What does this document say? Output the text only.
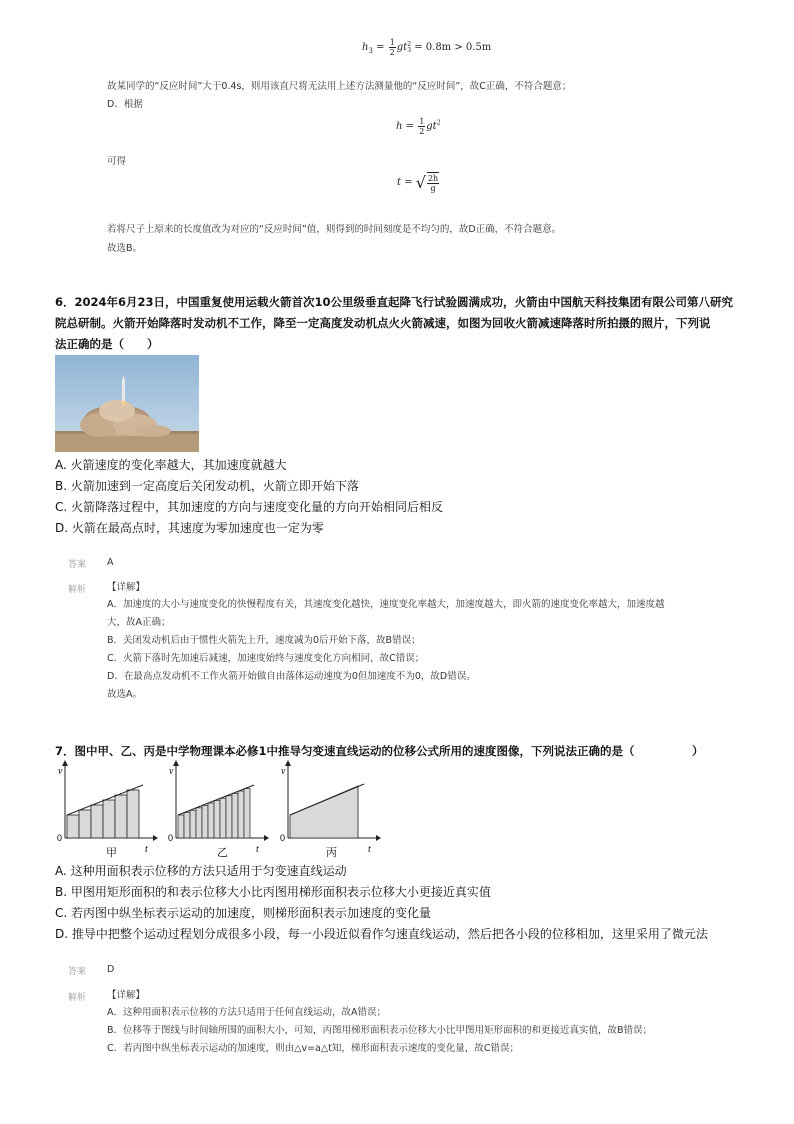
$h_3 = \frac{1}{2}$ gt 2
3 = 0.8m > 0.5m
故某同学的“反应时间”大于0.4s，则用该直尺将无法用上述方法测量他的“反应时间”，故C正确，不符合题意；
D．根据
$h = \frac{1}{2} gt^2$
可得
t = √ $\frac{2h}{g}$
若将尺子上原来的长度值改为对应的“反应时间”值，则得到的时间刻度是不均匀的，故D正确，不符合题意。
故选B。
6．2024年6月23日，中国重复使用运载火箭首次10公里级垂直起降飞行试验圆满成功，火箭由中国航天科技集团有限公司第八研究
院总研制。火箭开始降落时发动机不工作，降至一定高度发动机点火火箭减速，如图为回收火箭减速降落时所拍摄的照片，下列说
法正确的是（　　）
A. 火箭速度的变化率越大，其加速度就越大
B. 火箭加速到一定高度后关闭发动机，火箭立即开始下落
C. 火箭降落过程中，其加速度的方向与速度变化量的方向开始相同后相反
D. 火箭在最高点时，其速度为零加速度也一定为零
答案 A
解析 【详解】
A．加速度的大小与速度变化的快慢程度有关，其速度变化越快，速度变化率越大，加速度越大，即火箭的速度变化率越大，加速度越
大，故A正确；
B．关闭发动机后由于惯性火箭先上升，速度减为0后开始下落，故B错误；
C．火箭下落时先加速后减速，加速度始终与速度变化方向相同，故C错误；
D．在最高点发动机不工作火箭开始做自由落体运动速度为0但加速度不为0，故D错误。
故选A。
7．图中甲、乙、丙是中学物理课本必修1中推导匀变速直线运动的位移公式所用的速度图像，下列说法正确的是（　　　　　）
v
t
0
甲
v
t
0
乙
v
t
0
丙
A. 这种用面积表示位移的方法只适用于匀变速直线运动
B. 甲图用矩形面积的和表示位移大小比丙图用梯形面积表示位移大小更接近真实值
C. 若丙图中纵坐标表示运动的加速度，则梯形面积表示加速度的变化量
D. 推导中把整个运动过程划分成很多小段，每一小段近似看作匀速直线运动，然后把各小段的位移相加，这里采用了微元法
答案 D
解析 【详解】
A．这种用面积表示位移的方法只适用于任何直线运动，故A错误；
B．位移等于图线与时间轴所围的面积大小，可知，丙图用梯形面积表示位移大小比甲图用矩形面积的和更接近真实值，故B错误；
C．若丙图中纵坐标表示运动的加速度，则由△v=a△t知，梯形面积表示速度的变化量，故C错误；
